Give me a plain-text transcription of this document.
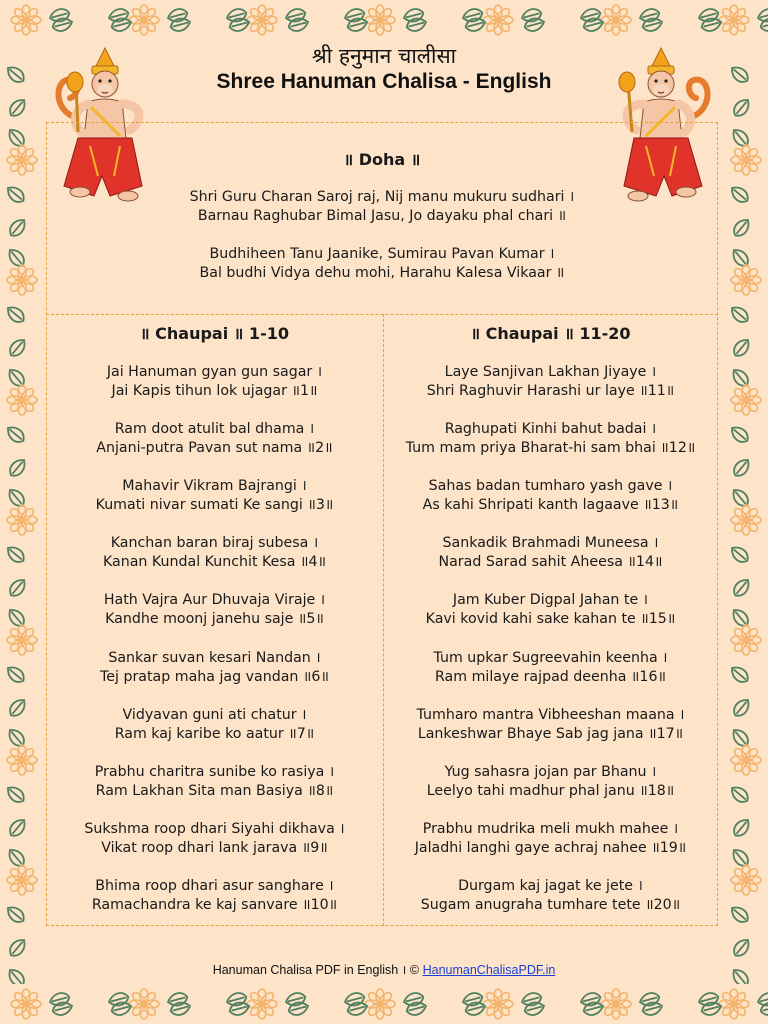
श्री हनुमान चालीसा
Shree Hanuman Chalisa - English
॥ Doha ॥
Shri Guru Charan Saroj raj, Nij manu mukuru sudhari ।
Barnau Raghubar Bimal Jasu, Jo dayaku phal chari ॥
Budhiheen Tanu Jaanike, Sumirau Pavan Kumar ।
Bal budhi Vidya dehu mohi, Harahu Kalesa Vikaar ॥
॥ Chaupai ॥ 1-10	॥ Chaupai ॥ 11-20
Jai Hanuman gyan gun sagar ।
Jai Kapis tihun lok ujagar ॥1॥
Ram doot atulit bal dhama ।
Anjani-putra Pavan sut nama ॥2॥
Mahavir Vikram Bajrangi ।
Kumati nivar sumati Ke sangi ॥3॥
Kanchan baran biraj subesa ।
Kanan Kundal Kunchit Kesa ॥4॥
Hath Vajra Aur Dhuvaja Viraje ।
Kandhe moonj janehu saje ॥5॥
Sankar suvan kesari Nandan ।
Tej pratap maha jag vandan ॥6॥
Vidyavan guni ati chatur ।
Ram kaj karibe ko aatur ॥7॥
Prabhu charitra sunibe ko rasiya ।
Ram Lakhan Sita man Basiya ॥8॥
Sukshma roop dhari Siyahi dikhava ।
Vikat roop dhari lank jarava ॥9॥
Bhima roop dhari asur sanghare ।
Ramachandra ke kaj sanvare ॥10॥
Laye Sanjivan Lakhan Jiyaye ।
Shri Raghuvir Harashi ur laye ॥11॥
Raghupati Kinhi bahut badai ।
Tum mam priya Bharat-hi sam bhai ॥12॥
Sahas badan tumharo yash gave ।
As kahi Shripati kanth lagaave ॥13॥
Sankadik Brahmadi Muneesa ।
Narad Sarad sahit Aheesa ॥14॥
Jam Kuber Digpal Jahan te ।
Kavi kovid kahi sake kahan te ॥15॥
Tum upkar Sugreevahin keenha ।
Ram milaye rajpad deenha ॥16॥
Tumharo mantra Vibheeshan maana ।
Lankeshwar Bhaye Sab jag jana ॥17॥
Yug sahasra jojan par Bhanu ।
Leelyo tahi madhur phal janu ॥18॥
Prabhu mudrika meli mukh mahee ।
Jaladhi langhi gaye achraj nahee ॥19॥
Durgam kaj jagat ke jete ।
Sugam anugraha tumhare tete ॥20॥
Hanuman Chalisa PDF in English । © HanumanChalisaPDF.in
